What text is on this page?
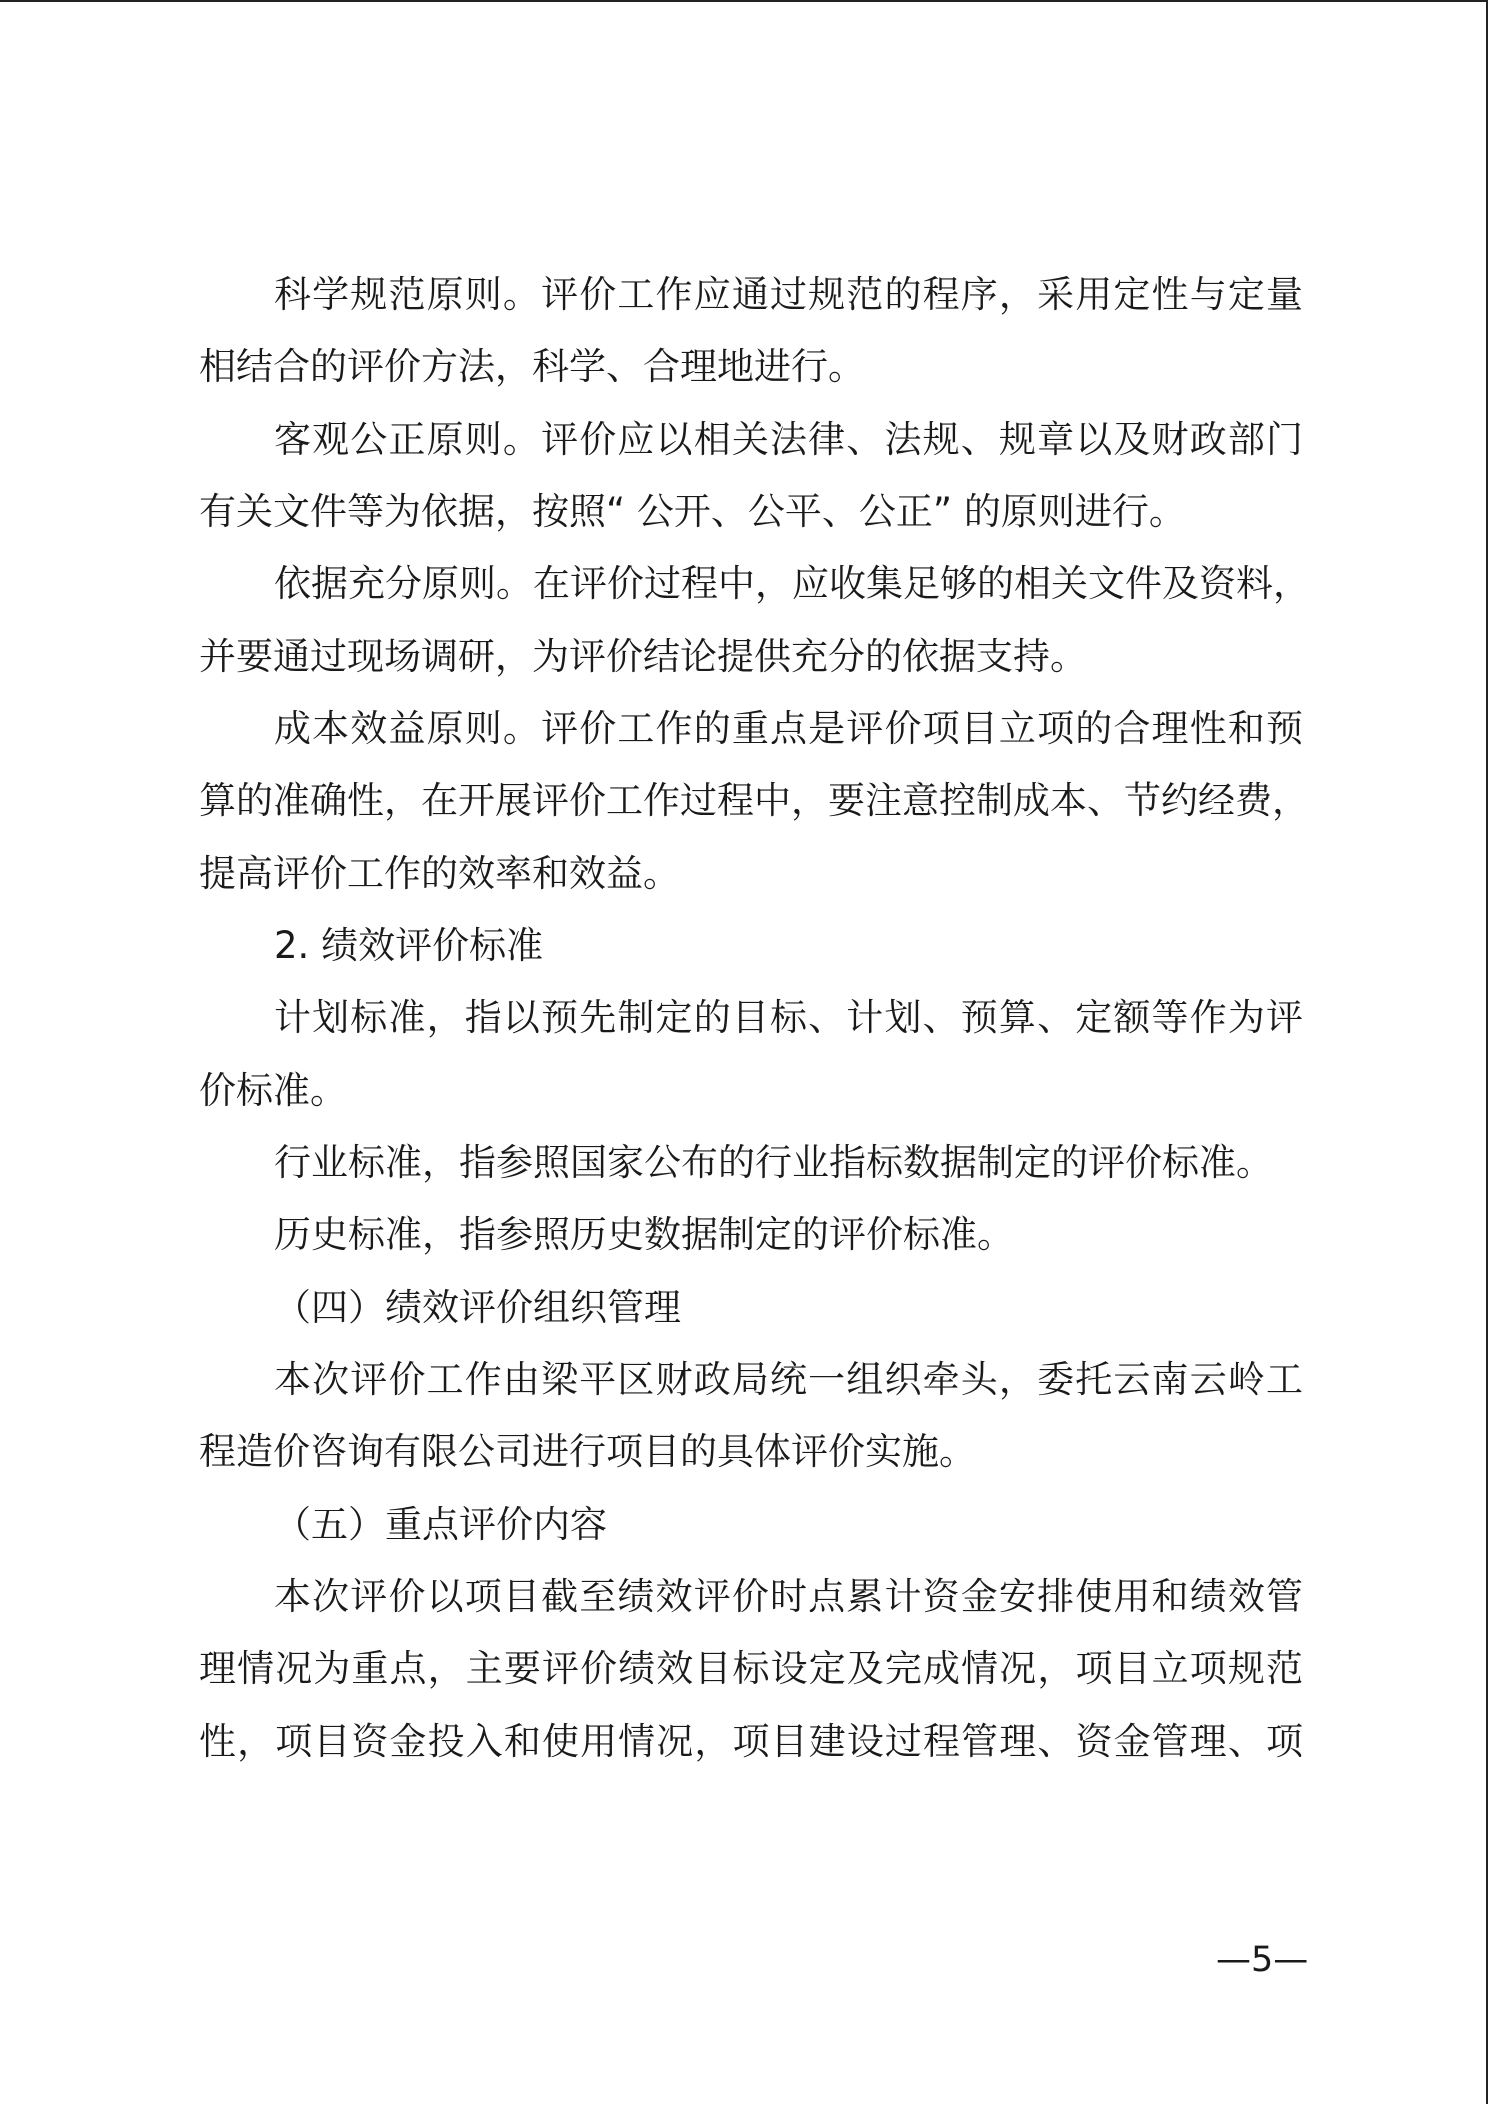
科学规范原则。评价工作应通过规范的程序，采用定性与定量
相结合的评价方法，科学、合理地进行。
客观公正原则。评价应以相关法律、法规、规章以及财政部门
有关文件等为依据，按照“ 公开、公平、公正” 的原则进行。
依据充分原则。在评价过程中，应收集足够的相关文件及资料，
并要通过现场调研，为评价结论提供充分的依据支持。
成本效益原则。评价工作的重点是评价项目立项的合理性和预
算的准确性，在开展评价工作过程中，要注意控制成本、节约经费，
提高评价工作的效率和效益。
2. 绩效评价标准
计划标准，指以预先制定的目标、计划、预算、定额等作为评
价标准。
行业标准，指参照国家公布的行业指标数据制定的评价标准。
历史标准，指参照历史数据制定的评价标准。
（四）绩效评价组织管理
本次评价工作由梁平区财政局统一组织牵头，委托云南云岭工
程造价咨询有限公司进行项目的具体评价实施。
（五）重点评价内容
本次评价以项目截至绩效评价时点累计资金安排使用和绩效管
理情况为重点，主要评价绩效目标设定及完成情况，项目立项规范
性，项目资金投入和使用情况，项目建设过程管理、资金管理、项
—5—
